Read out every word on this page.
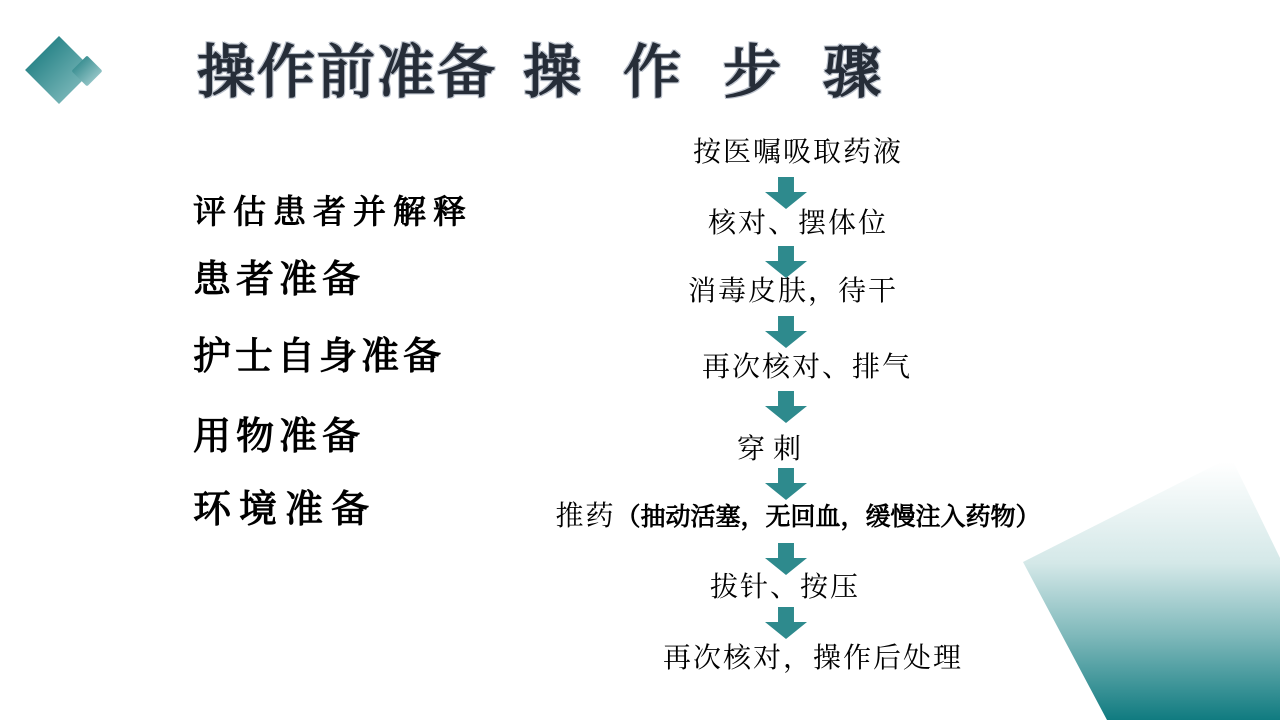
操作前准备 操作步骤
评估患者并解释
患者准备
护士自身准备
用物准备
环境准备
按医嘱吸取药液
核对、摆体位
消毒皮肤，待干
再次核对、排气
穿刺
推药（抽动活塞，无回血，缓慢注入药物）
拔针、按压
再次核对，操作后处理
